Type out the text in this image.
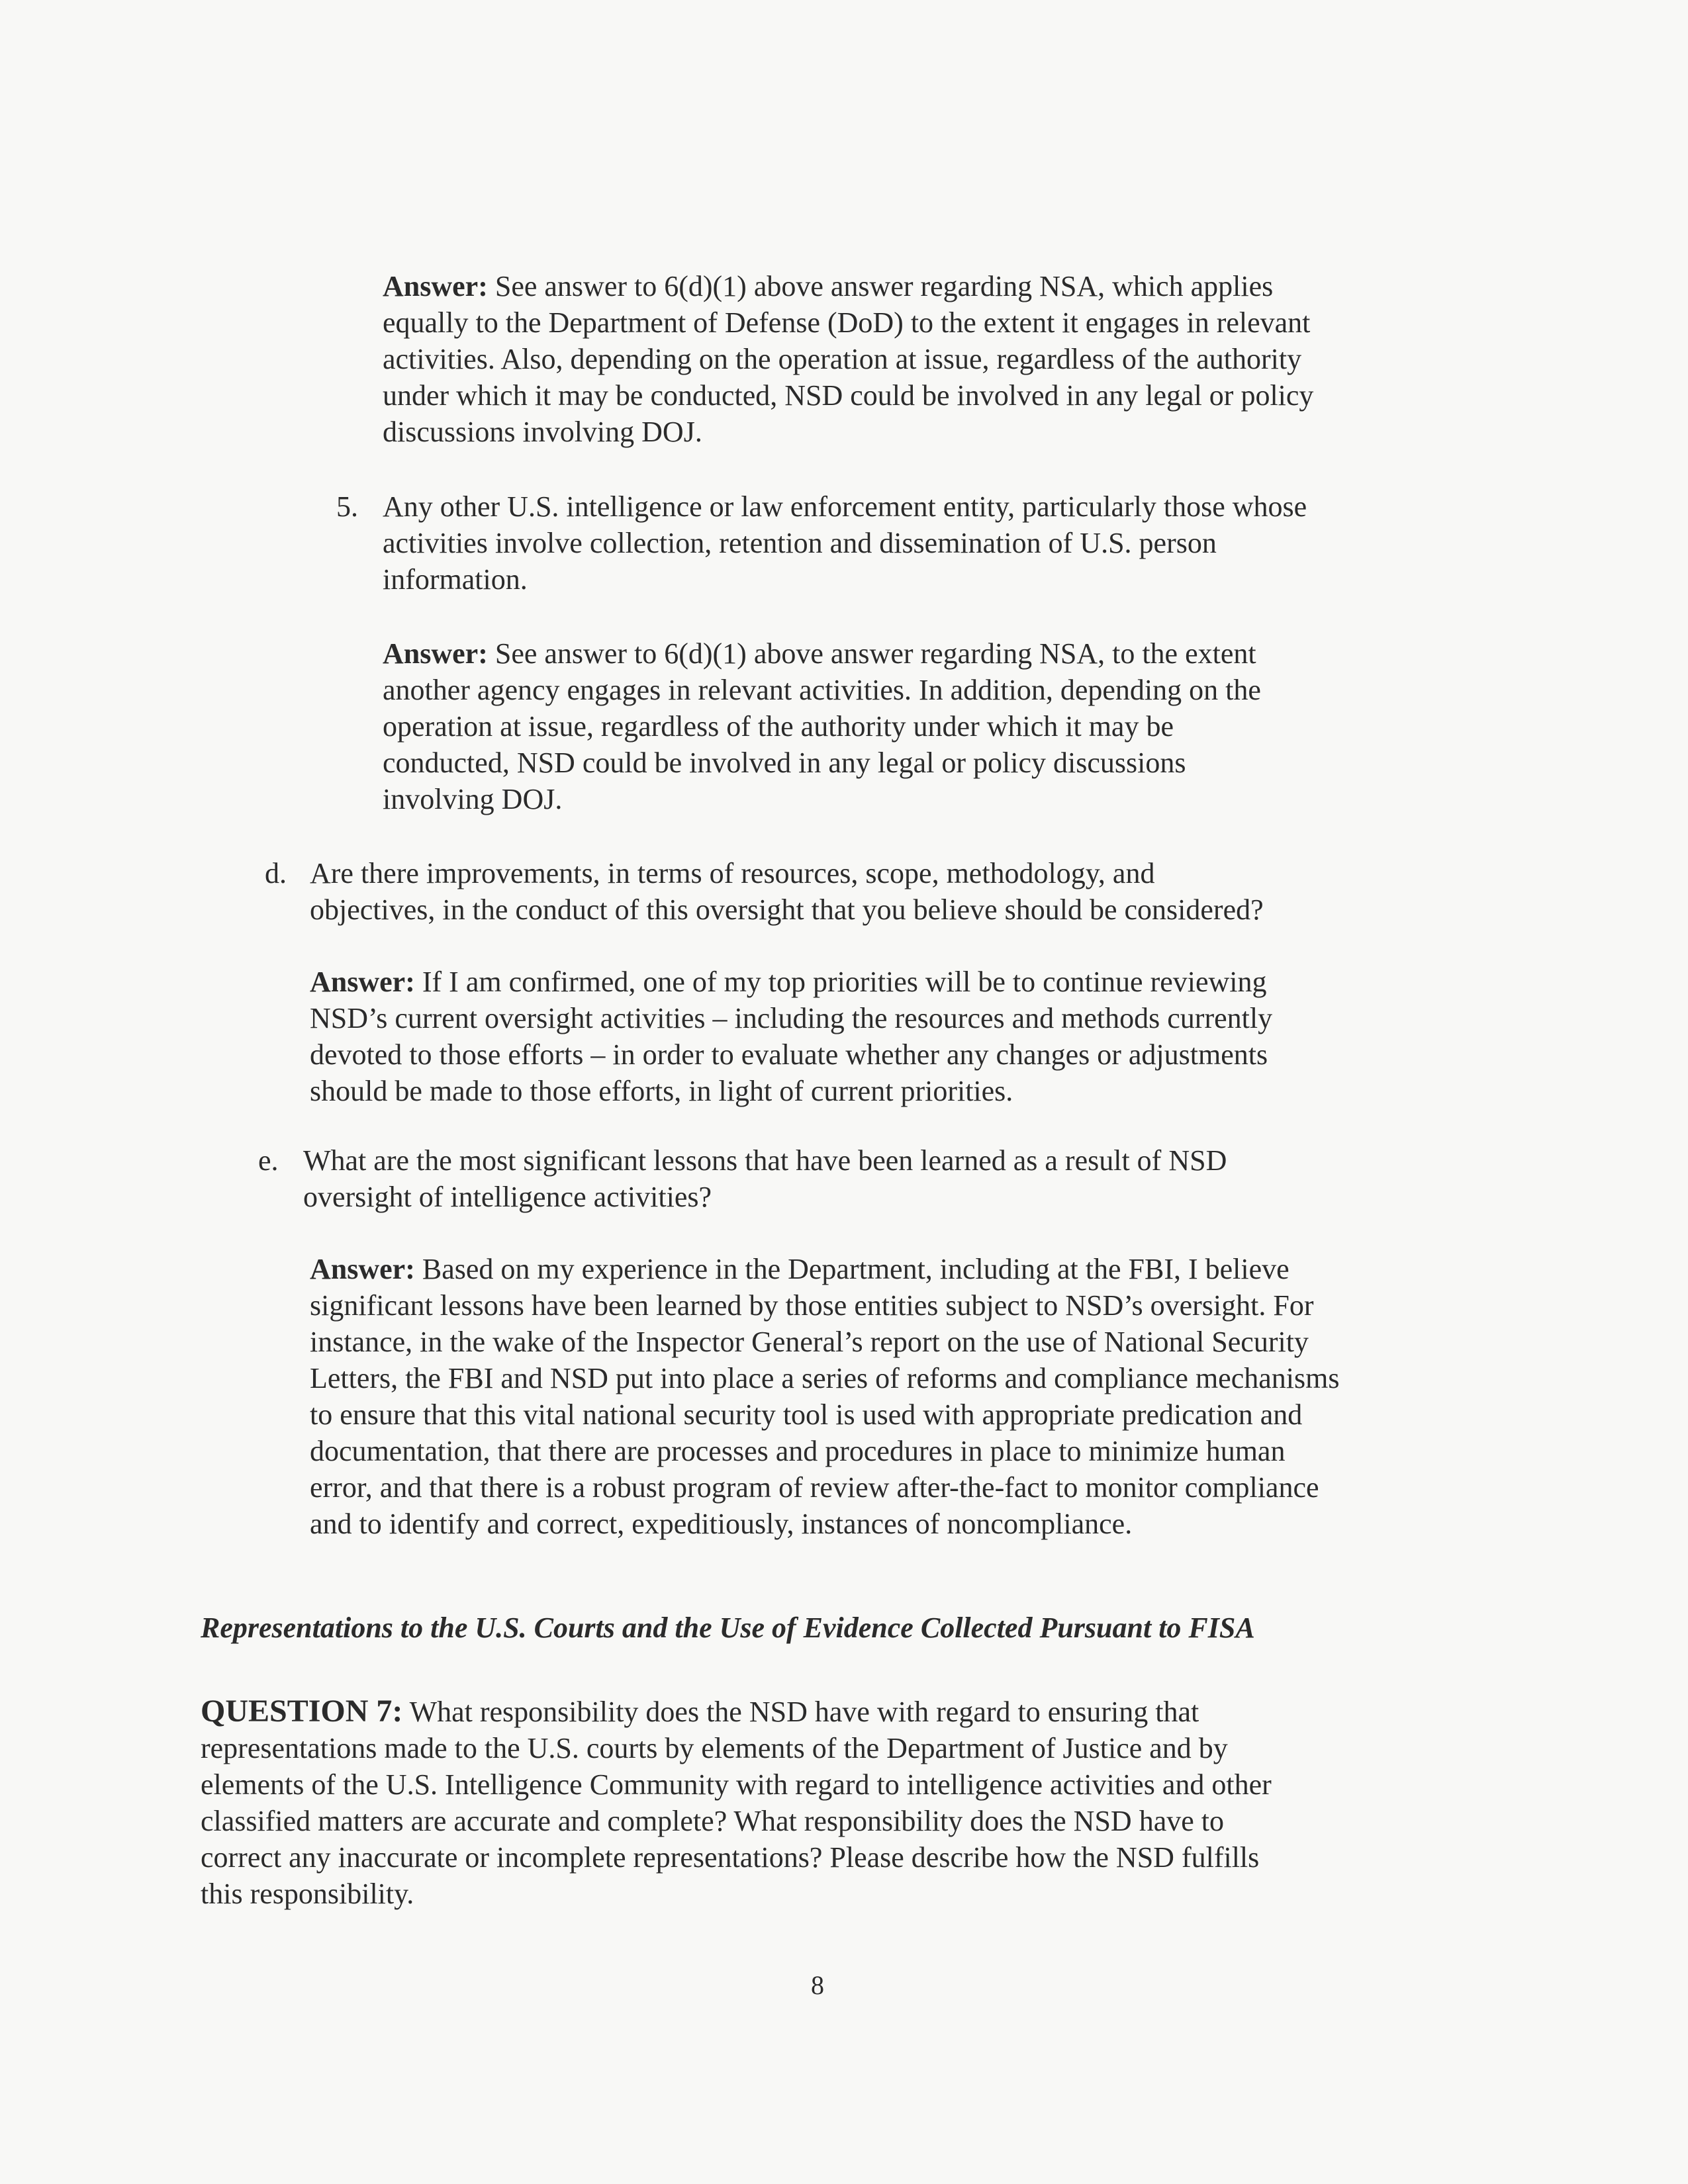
Answer: See answer to 6(d)(1) above answer regarding NSA, which applies
equally to the Department of Defense (DoD) to the extent it engages in relevant
activities. Also, depending on the operation at issue, regardless of the authority
under which it may be conducted, NSD could be involved in any legal or policy
discussions involving DOJ.
5. Any other U.S. intelligence or law enforcement entity, particularly those whose
activities involve collection, retention and dissemination of U.S. person
information.
Answer: See answer to 6(d)(1) above answer regarding NSA, to the extent
another agency engages in relevant activities. In addition, depending on the
operation at issue, regardless of the authority under which it may be
conducted, NSD could be involved in any legal or policy discussions
involving DOJ.
d. Are there improvements, in terms of resources, scope, methodology, and
objectives, in the conduct of this oversight that you believe should be considered?
Answer: If I am confirmed, one of my top priorities will be to continue reviewing
NSD’s current oversight activities – including the resources and methods currently
devoted to those efforts – in order to evaluate whether any changes or adjustments
should be made to those efforts, in light of current priorities.
e. What are the most significant lessons that have been learned as a result of NSD
oversight of intelligence activities?
Answer: Based on my experience in the Department, including at the FBI, I believe
significant lessons have been learned by those entities subject to NSD’s oversight. For
instance, in the wake of the Inspector General’s report on the use of National Security
Letters, the FBI and NSD put into place a series of reforms and compliance mechanisms
to ensure that this vital national security tool is used with appropriate predication and
documentation, that there are processes and procedures in place to minimize human
error, and that there is a robust program of review after-the-fact to monitor compliance
and to identify and correct, expeditiously, instances of noncompliance.
Representations to the U.S. Courts and the Use of Evidence Collected Pursuant to FISA
QUESTION 7: What responsibility does the NSD have with regard to ensuring that
representations made to the U.S. courts by elements of the Department of Justice and by
elements of the U.S. Intelligence Community with regard to intelligence activities and other
classified matters are accurate and complete? What responsibility does the NSD have to
correct any inaccurate or incomplete representations? Please describe how the NSD fulfills
this responsibility.
8
